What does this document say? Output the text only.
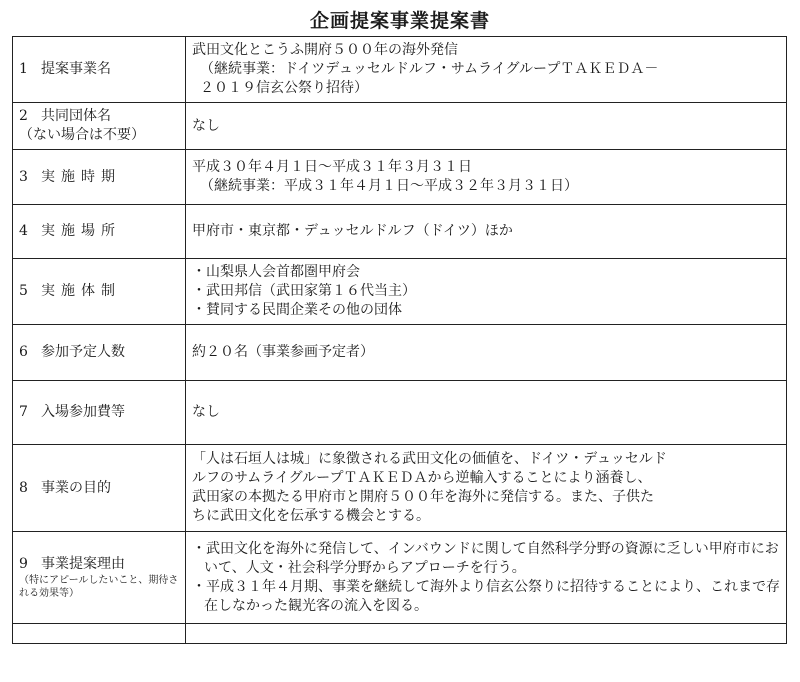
企画提案事業提案書
1 提案事業名	武田文化とこうふ開府５００年の海外発信
（継続事業：ドイツデュッセルドルフ・サムライグループＴＡＫＥＤＡ－
２０１９信玄公祭り招待）

2 共同団体名
（ない場合は不要）	なし
3 実施時期	平成３０年４月１日～平成３１年３月３１日
（継続事業：平成３１年４月１日～平成３２年３月３１日）

4 実施場所	甲府市・東京都・デュッセルドルフ（ドイツ）ほか
5 実施体制	・山梨県人会首都圏甲府会
・武田邦信（武田家第１６代当主）
・賛同する民間企業その他の団体

6 参加予定人数	約２０名（事業参画予定者）
7 入場参加費等	なし
8 事業の目的	「人は石垣人は城」に象徴される武田文化の価値を、ドイツ・デュッセルド
ルフのサムライグループＴＡＫＥＤＡから逆輸入することにより涵養し、
武田家の本拠たる甲府市と開府５００年を海外に発信する。また、子供た
ちに武田文化を伝承する機会とする。

9 事業提案理由
（特にアピールしたいこと、期待される効果等）	・武田文化を海外に発信して、インバウンドに関して自然科学分野の資源に乏しい甲府市において、人文・社会科学分野からアプローチを行う。
・平成３１年４月期、事業を継続して海外より信玄公祭りに招待することにより、これまで存在しなかった観光客の流入を図る。
